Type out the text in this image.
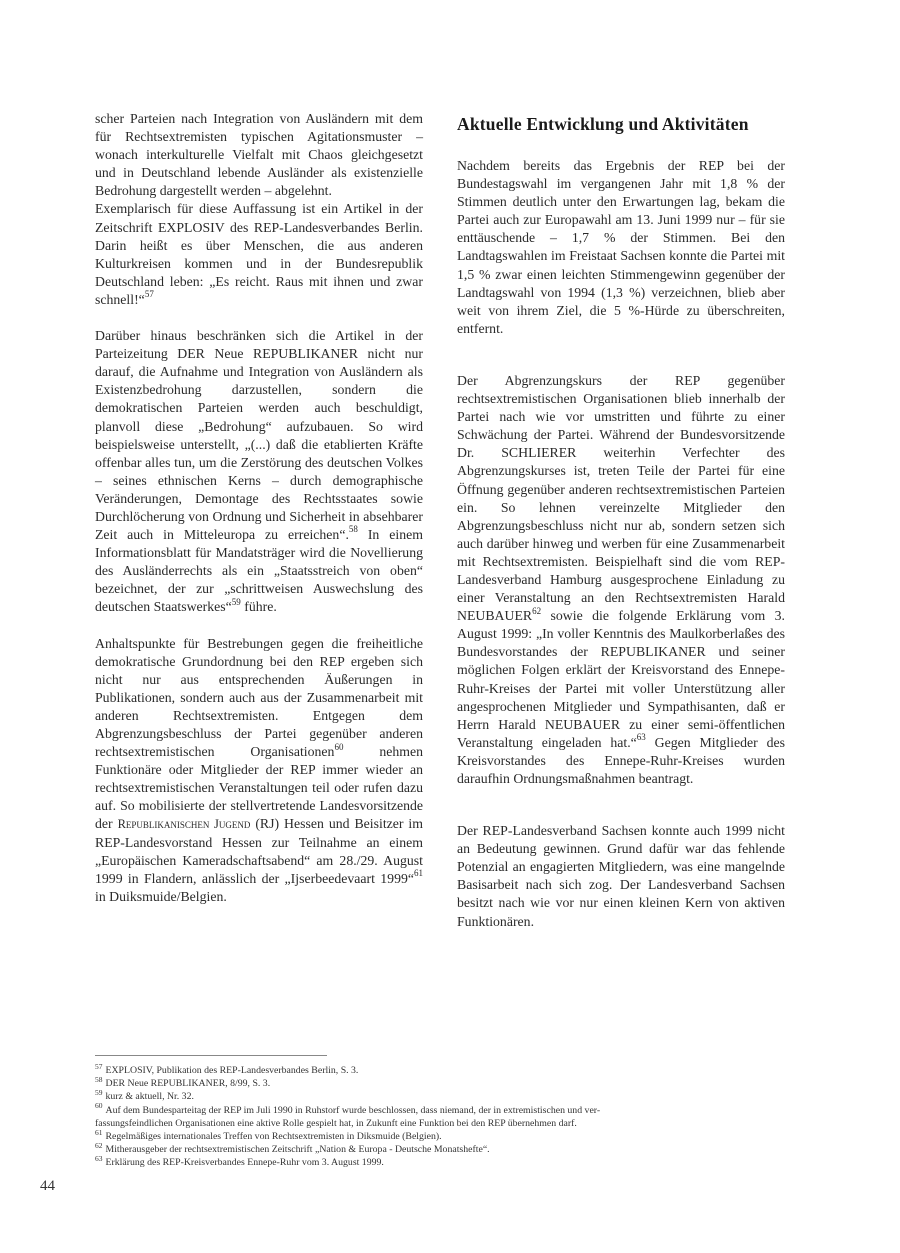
scher Parteien nach Integration von Ausländern mit dem für Rechtsextremisten typischen Agitationsmuster – wonach interkulturelle Vielfalt mit Chaos gleichgesetzt und in Deutschland lebende Ausländer als existenzielle Bedrohung dargestellt werden – abgelehnt.

Exemplarisch für diese Auffassung ist ein Artikel in der Zeitschrift EXPLOSIV des REP-Landesverbandes Berlin. Darin heißt es über Menschen, die aus anderen Kulturkreisen kommen und in der Bundesrepublik Deutschland leben: „Es reicht. Raus mit ihnen und zwar schnell!“$^{57}$

Darüber hinaus beschränken sich die Artikel in der Parteizeitung DER Neue REPUBLIKANER nicht nur darauf, die Aufnahme und Integration von Ausländern als Existenzbedrohung darzustellen, sondern die demokratischen Parteien werden auch beschuldigt, planvoll diese „Bedrohung“ aufzubauen. So wird beispielsweise unterstellt, „(...) daß die etablierten Kräfte offenbar alles tun, um die Zerstörung des deutschen Volkes – seines ethnischen Kerns – durch demographische Veränderungen, Demontage des Rechtsstaates sowie Durchlöcherung von Ordnung und Sicherheit in absehbarer Zeit auch in Mitteleuropa zu erreichen“.$^{58}$ In einem Informationsblatt für Mandatsträger wird die Novellierung des Ausländerrechts als ein „Staatsstreich von oben“ bezeichnet, der zur „schrittweisen Auswechslung des deutschen Staatswerkes“$^{59}$ führe.

Anhaltspunkte für Bestrebungen gegen die freiheitliche demokratische Grundordnung bei den REP ergeben sich nicht nur aus entsprechenden Äußerungen in Publikationen, sondern auch aus der Zusammenarbeit mit anderen Rechtsextremisten. Entgegen dem Abgrenzungsbeschluss der Partei gegenüber anderen rechtsextremistischen Organisationen$^{60}$ nehmen Funktionäre oder Mitglieder der REP immer wieder an rechtsextremistischen Veranstaltungen teil oder rufen dazu auf. So mobilisierte der stellvertretende Landesvorsitzende der Republikanischen Jugend (RJ) Hessen und Beisitzer im REP-Landesvorstand Hessen zur Teilnahme an einem „Europäischen Kameradschaftsabend“ am 28./29. August 1999 in Flandern, anlässlich der „Ijserbeedevaart 1999“$^{61}$ in Duiksmuide/Belgien.

Aktuelle Entwicklung und Aktivitäten

Nachdem bereits das Ergebnis der REP bei der Bundestagswahl im vergangenen Jahr mit 1,8 % der Stimmen deutlich unter den Erwartungen lag, bekam die Partei auch zur Europawahl am 13. Juni 1999 nur – für sie enttäuschende – 1,7 % der Stimmen. Bei den Landtagswahlen im Freistaat Sachsen konnte die Partei mit 1,5 % zwar einen leichten Stimmengewinn gegenüber der Landtagswahl von 1994 (1,3 %) verzeichnen, blieb aber weit von ihrem Ziel, die 5 %-Hürde zu überschreiten, entfernt.

Der Abgrenzungskurs der REP gegenüber rechtsextremistischen Organisationen blieb innerhalb der Partei nach wie vor umstritten und führte zu einer Schwächung der Partei. Während der Bundesvorsitzende Dr. SCHLIERER weiterhin Verfechter des Abgrenzungskurses ist, treten Teile der Partei für eine Öffnung gegenüber anderen rechtsextremistischen Parteien ein. So lehnen vereinzelte Mitglieder den Abgrenzungsbeschluss nicht nur ab, sondern setzen sich auch darüber hinweg und werben für eine Zusammenarbeit mit Rechtsextremisten. Beispielhaft sind die vom REP-Landesverband Hamburg ausgesprochene Einladung zu einer Veranstaltung an den Rechtsextremisten Harald NEUBAUER$^{62}$ sowie die folgende Erklärung vom 3. August 1999: „In voller Kenntnis des Maulkorberlaßes des Bundesvorstandes der REPUBLIKANER und seiner möglichen Folgen erklärt der Kreisvorstand des Ennepe-Ruhr-Kreises der Partei mit voller Unterstützung aller angesprochenen Mitglieder und Sympathisanten, daß er Herrn Harald NEUBAUER zu einer semi-öffentlichen Veranstaltung eingeladen hat.“$^{63}$ Gegen Mitglieder des Kreisvorstandes des Ennepe-Ruhr-Kreises wurden daraufhin Ordnungsmaßnahmen beantragt.

Der REP-Landesverband Sachsen konnte auch 1999 nicht an Bedeutung gewinnen. Grund dafür war das fehlende Potenzial an engagierten Mitgliedern, was eine mangelnde Basisarbeit nach sich zog. Der Landesverband Sachsen besitzt nach wie vor nur einen kleinen Kern von aktiven Funktionären.

$^{57}$ EXPLOSIV, Publikation des REP-Landesverbandes Berlin, S. 3.

$^{58}$ DER Neue REPUBLIKANER, 8/99, S. 3.

$^{59}$ kurz & aktuell, Nr. 32.

$^{60}$ Auf dem Bundesparteitag der REP im Juli 1990 in Ruhstorf wurde beschlossen, dass niemand, der in extremistischen und ver-

fassungsfeindlichen Organisationen eine aktive Rolle gespielt hat, in Zukunft eine Funktion bei den REP übernehmen darf.

$^{61}$ Regelmäßiges internationales Treffen von Rechtsextremisten in Diksmuide (Belgien).

$^{62}$ Mitherausgeber der rechtsextremistischen Zeitschrift „Nation & Europa - Deutsche Monatshefte“.

$^{63}$ Erklärung des REP-Kreisverbandes Ennepe-Ruhr vom 3. August 1999.

44
